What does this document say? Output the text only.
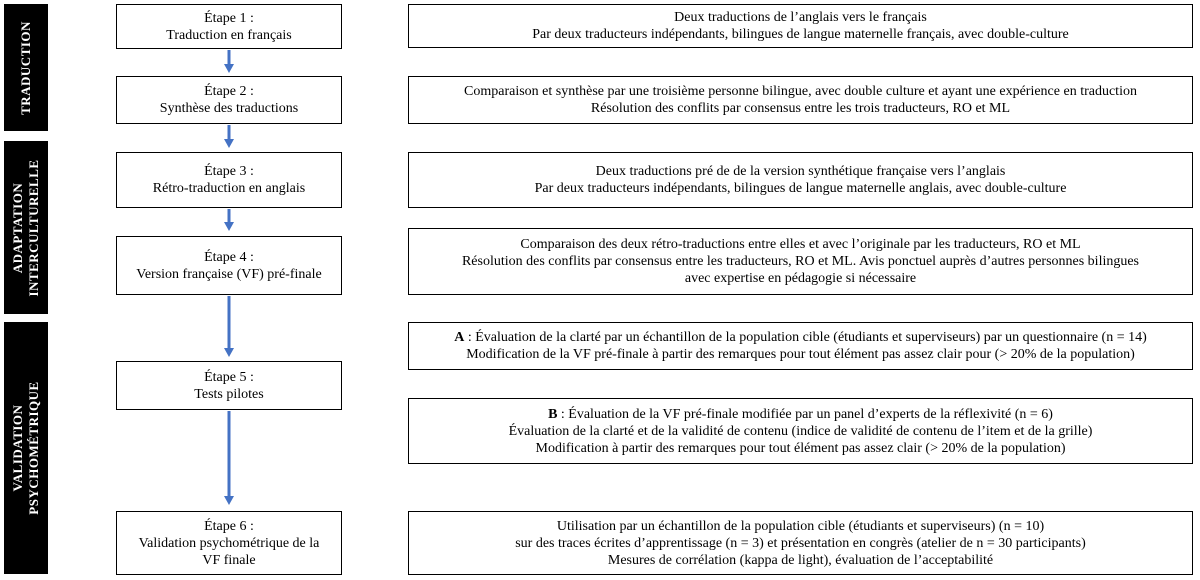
TRADUCTION
ADAPTATION INTERCULTURELLE
VALIDATION PSYCHOMÉTRIQUE
Étape 1 :
Traduction en français
Étape 2 :
Synthèse des traductions
Étape 3 :
Rétro-traduction en anglais
Étape 4 :
Version française (VF) pré-finale
Étape 5 :
Tests pilotes
Étape 6 :
Validation psychométrique de la
VF finale
Deux traductions de l’anglais vers le français
Par deux traducteurs indépendants, bilingues de langue maternelle français, avec double-culture
Comparaison et synthèse par une troisième personne bilingue, avec double culture et ayant une expérience en traduction
Résolution des conflits par consensus entre les trois traducteurs, RO et ML
Deux traductions pré de de la version synthétique française vers l’anglais
Par deux traducteurs indépendants, bilingues de langue maternelle anglais, avec double-culture
Comparaison des deux rétro-traductions entre elles et avec l’originale par les traducteurs, RO et ML
Résolution des conflits par consensus entre les traducteurs, RO et ML. Avis ponctuel auprès d’autres personnes bilingues
avec expertise en pédagogie si nécessaire
A : Évaluation de la clarté par un échantillon de la population cible (étudiants et superviseurs) par un questionnaire (n = 14)
Modification de la VF pré-finale à partir des remarques pour tout élément pas assez clair pour (> 20% de la population)
B : Évaluation de la VF pré-finale modifiée par un panel d’experts de la réflexivité (n = 6)
Évaluation de la clarté et de la validité de contenu (indice de validité de contenu de l’item et de la grille)
Modification à partir des remarques pour tout élément pas assez clair (> 20% de la population)
Utilisation par un échantillon de la population cible (étudiants et superviseurs) (n = 10)
sur des traces écrites d’apprentissage (n = 3) et présentation en congrès (atelier de n = 30 participants)
Mesures de corrélation (kappa de light), évaluation de l’acceptabilité
